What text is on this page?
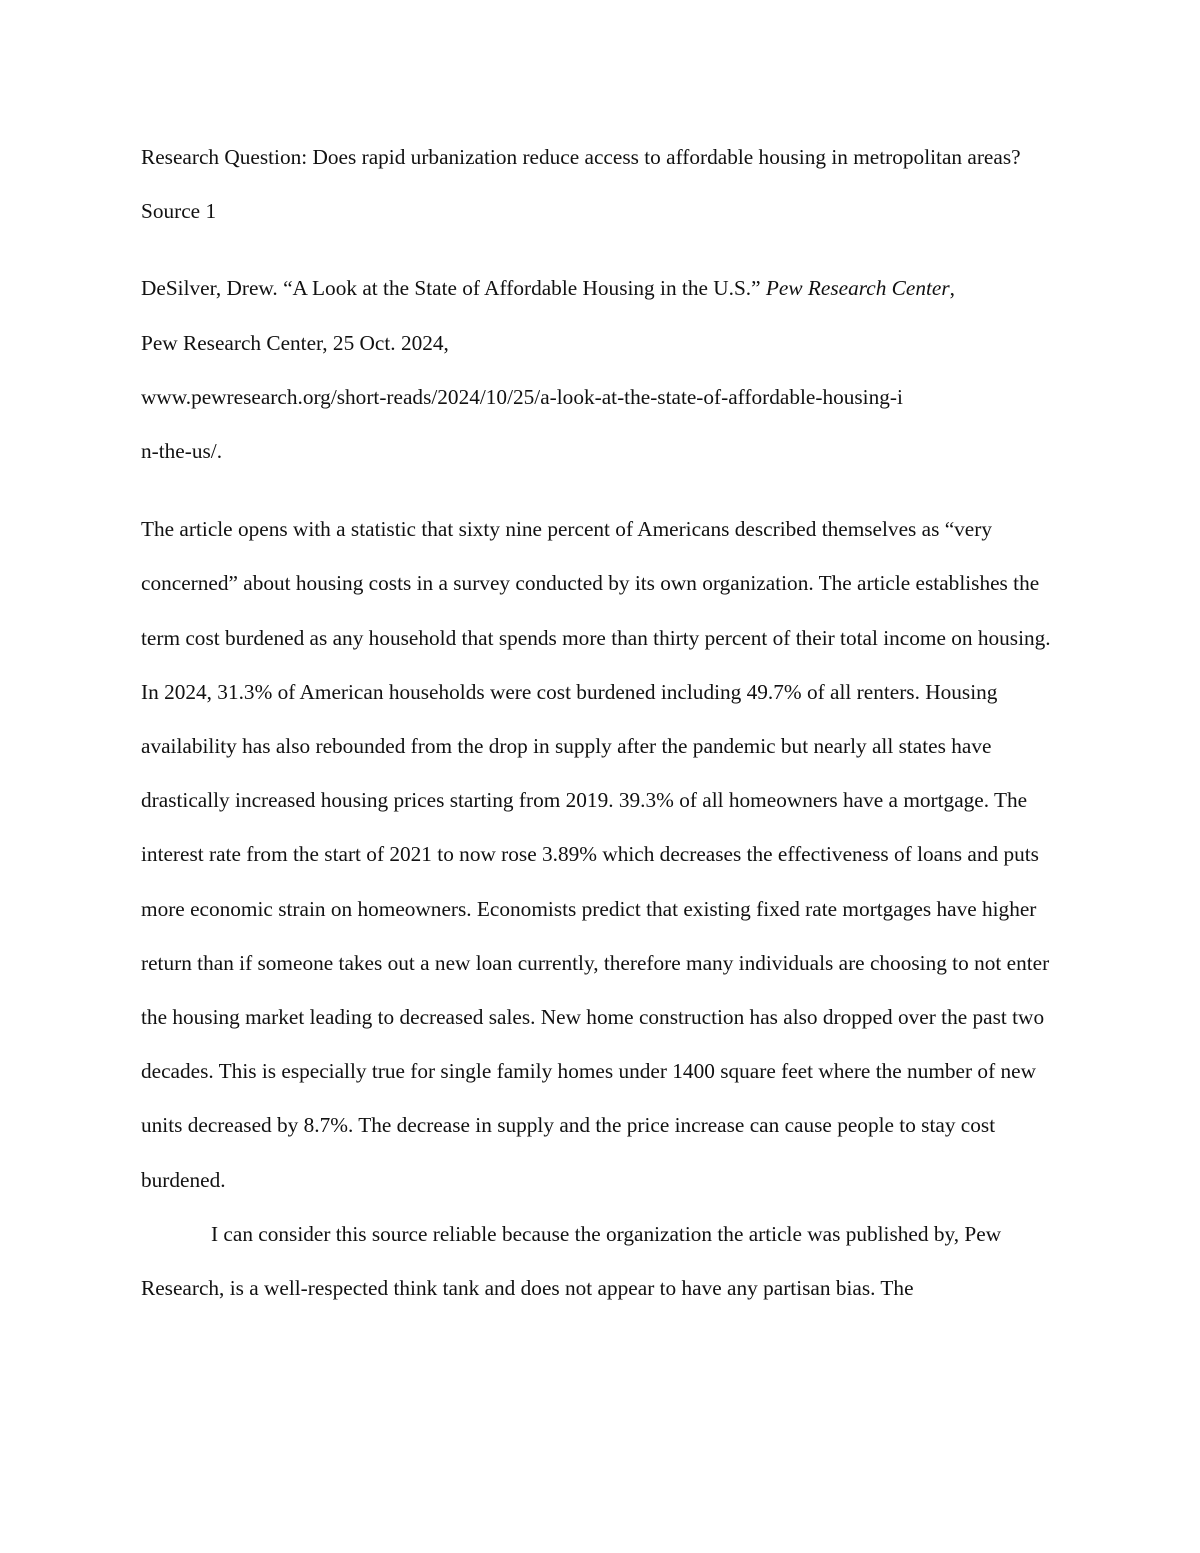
Research Question: Does rapid urbanization reduce access to affordable housing in metropolitan areas?

Source 1

DeSilver, Drew. “A Look at the State of Affordable Housing in the U.S.” Pew Research Center,
Pew Research Center, 25 Oct. 2024,
www.pewresearch.org/short-reads/2024/10/25/a-look-at-the-state-of-affordable-housing-i
n-the-us/.

The article opens with a statistic that sixty nine percent of Americans described themselves as “very concerned” about housing costs in a survey conducted by its own organization. The article establishes the term cost burdened as any household that spends more than thirty percent of their total income on housing. In 2024, 31.3% of American households were cost burdened including 49.7% of all renters. Housing availability has also rebounded from the drop in supply after the pandemic but nearly all states have drastically increased housing prices starting from 2019. 39.3% of all homeowners have a mortgage. The interest rate from the start of 2021 to now rose 3.89% which decreases the effectiveness of loans and puts more economic strain on homeowners. Economists predict that existing fixed rate mortgages have higher return than if someone takes out a new loan currently, therefore many individuals are choosing to not enter the housing market leading to decreased sales. New home construction has also dropped over the past two decades. This is especially true for single family homes under 1400 square feet where the number of new units decreased by 8.7%. The decrease in supply and the price increase can cause people to stay cost burdened.

I can consider this source reliable because the organization the article was published by, Pew Research, is a well-respected think tank and does not appear to have any partisan bias. The
